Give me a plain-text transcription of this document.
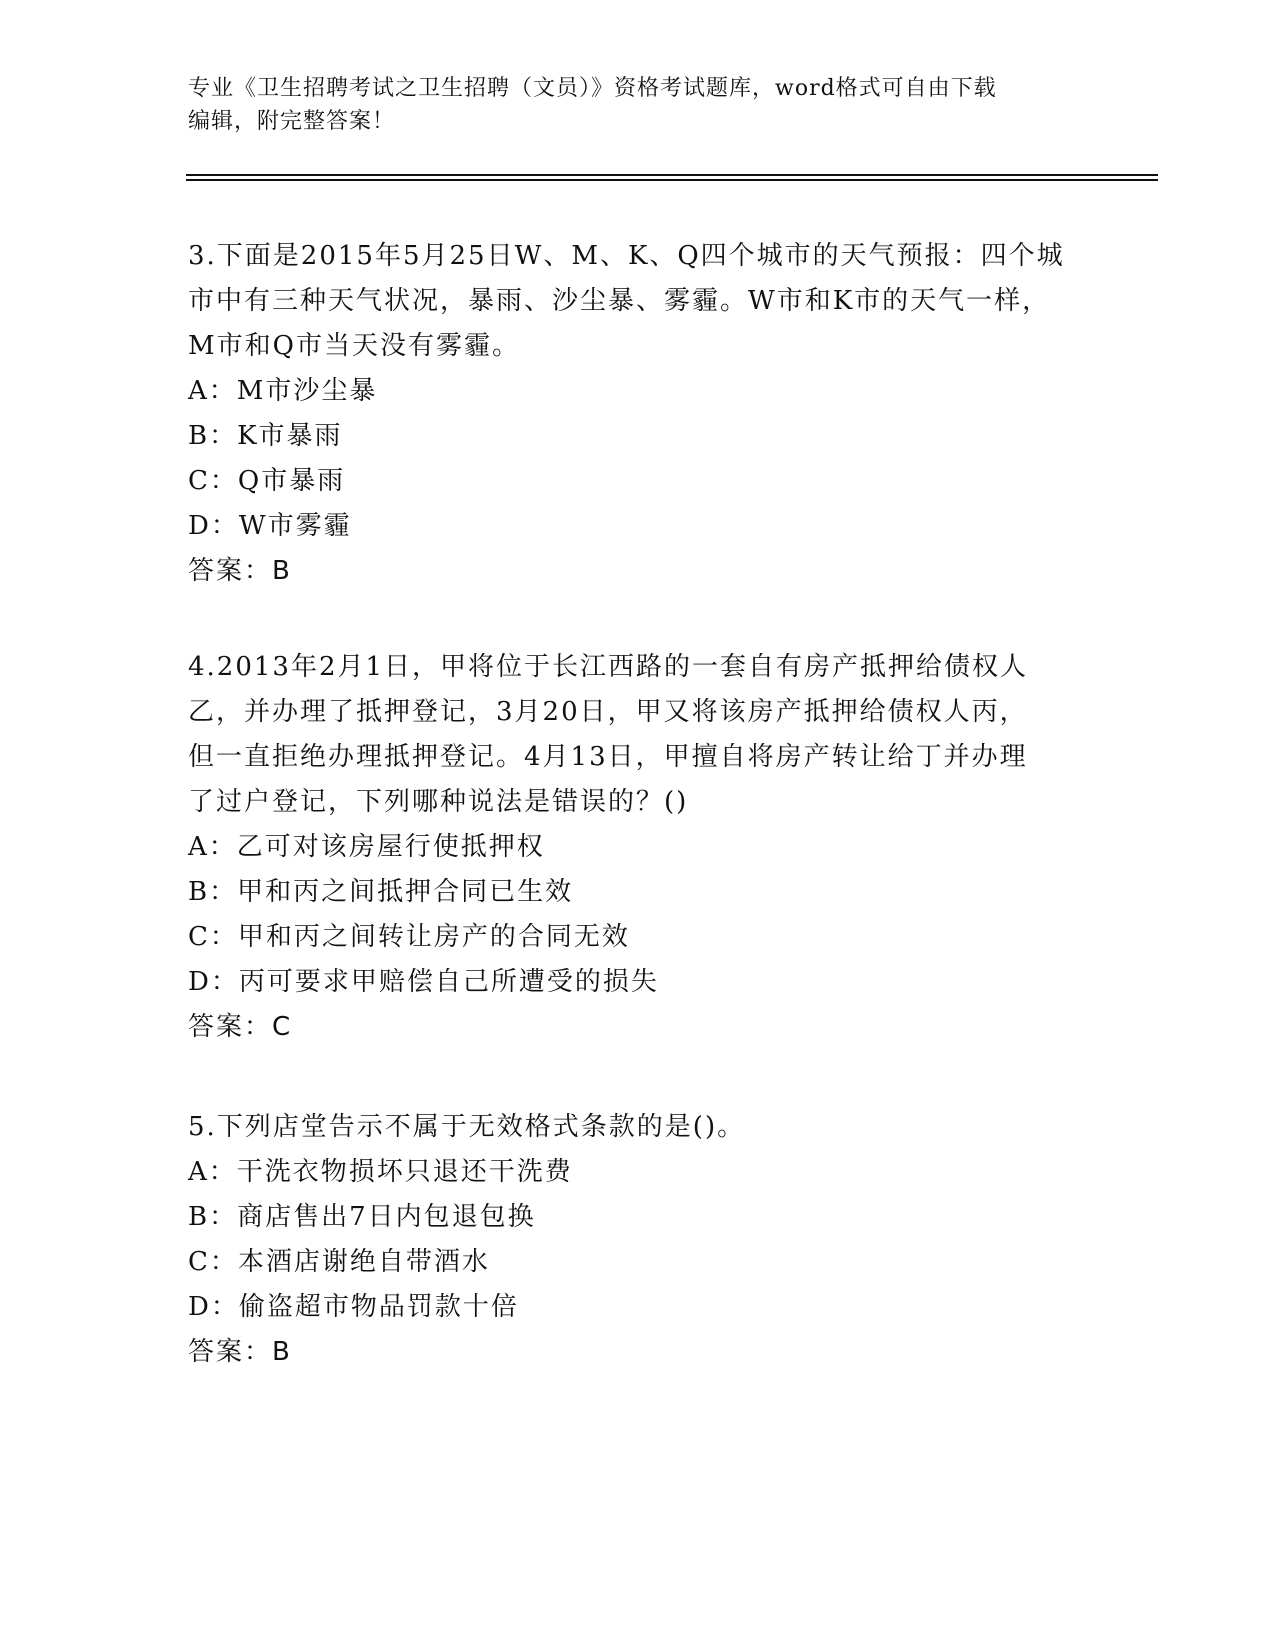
专业《卫生招聘考试之卫生招聘（文员）》资格考试题库，word格式可自由下载
编辑，附完整答案！
3.下面是2015年5月25日W、M、K、Q四个城市的天气预报：四个城
市中有三种天气状况，暴雨、沙尘暴、雾霾。W市和K市的天气一样，
M市和Q市当天没有雾霾。
A：M市沙尘暴
B：K市暴雨
C：Q市暴雨
D：W市雾霾
答案：B
4.2013年2月1日，甲将位于长江西路的一套自有房产抵押给债权人
乙，并办理了抵押登记，3月20日，甲又将该房产抵押给债权人丙，
但一直拒绝办理抵押登记。4月13日，甲擅自将房产转让给丁并办理
了过户登记，下列哪种说法是错误的？()
A：乙可对该房屋行使抵押权
B：甲和丙之间抵押合同已生效
C：甲和丙之间转让房产的合同无效
D：丙可要求甲赔偿自己所遭受的损失
答案：C
5.下列店堂告示不属于无效格式条款的是()。
A：干洗衣物损坏只退还干洗费
B：商店售出7日内包退包换
C：本酒店谢绝自带酒水
D：偷盗超市物品罚款十倍
答案：B
